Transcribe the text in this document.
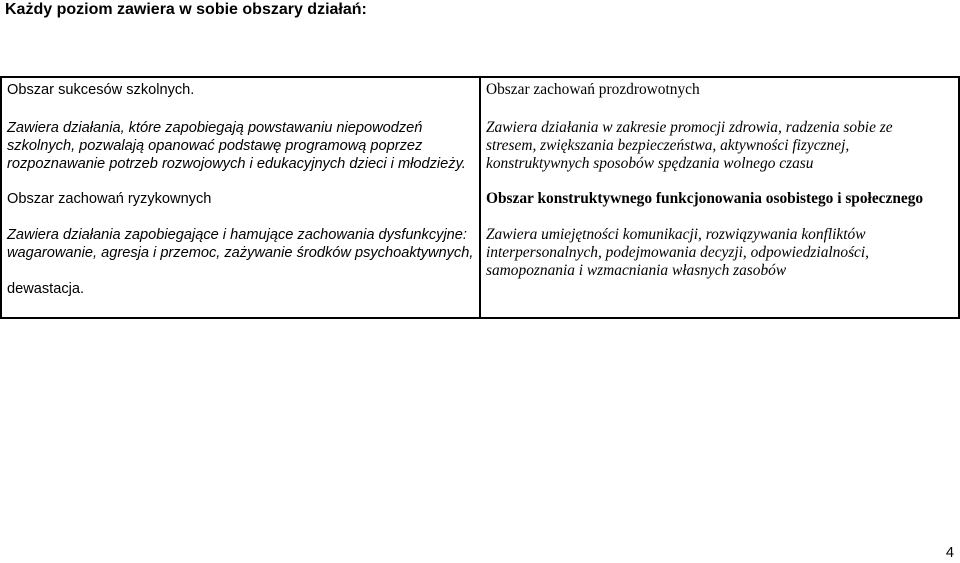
Każdy poziom zawiera w sobie obszary działań:

Obszar sukcesów szkolnych.

Zawiera działania, które zapobiegają powstawaniu niepowodzeń

szkolnych, pozwalają opanować podstawę programową poprzez

rozpoznawanie potrzeb rozwojowych i edukacyjnych dzieci i młodzieży.

Obszar zachowań ryzykownych

Zawiera działania zapobiegające i hamujące zachowania dysfunkcyjne:

wagarowanie, agresja i przemoc, zażywanie środków psychoaktywnych,

dewastacja.

Obszar zachowań prozdrowotnych

Zawiera działania w zakresie promocji zdrowia, radzenia sobie ze

stresem, zwiększania bezpieczeństwa, aktywności fizycznej,

konstruktywnych sposobów spędzania wolnego czasu

Obszar konstruktywnego funkcjonowania osobistego i społecznego

Zawiera umiejętności komunikacji, rozwiązywania konfliktów

interpersonalnych, podejmowania decyzji, odpowiedzialności,

samopoznania i wzmacniania własnych zasobów

4
